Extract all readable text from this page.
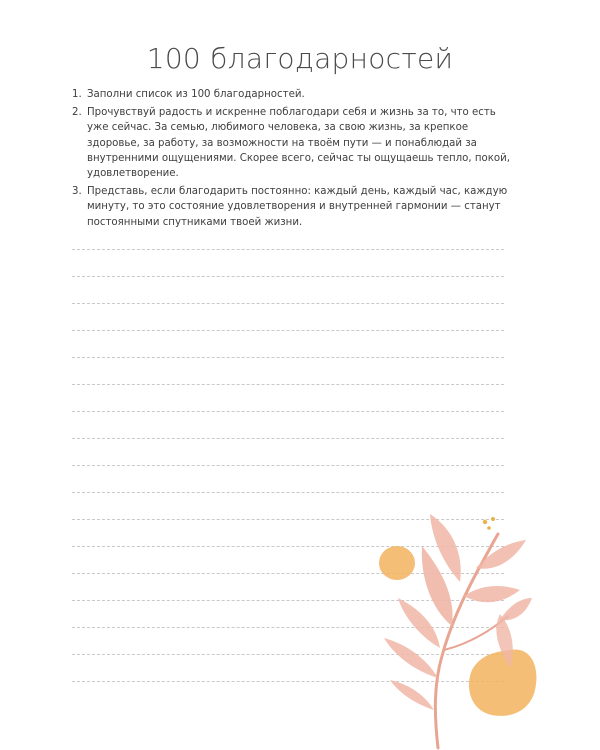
100 благодарностей
1. Заполни список из 100 благодарностей.
2. Прочувствуй радость и искренне поблагодари себя и жизнь за то, что есть уже сейчас. За семью, любимого человека, за свою жизнь, за крепкое здоровье, за работу, за возможности на твоём пути — и понаблюдай за внутренними ощущениями. Скорее всего, сейчас ты ощущаешь тепло, покой, удовлетворение.
3. Представь, если благодарить постоянно: каждый день, каждый час, каждую минуту, то это состояние удовлетворения и внутренней гармонии — станут постоянными спутниками твоей жизни.
